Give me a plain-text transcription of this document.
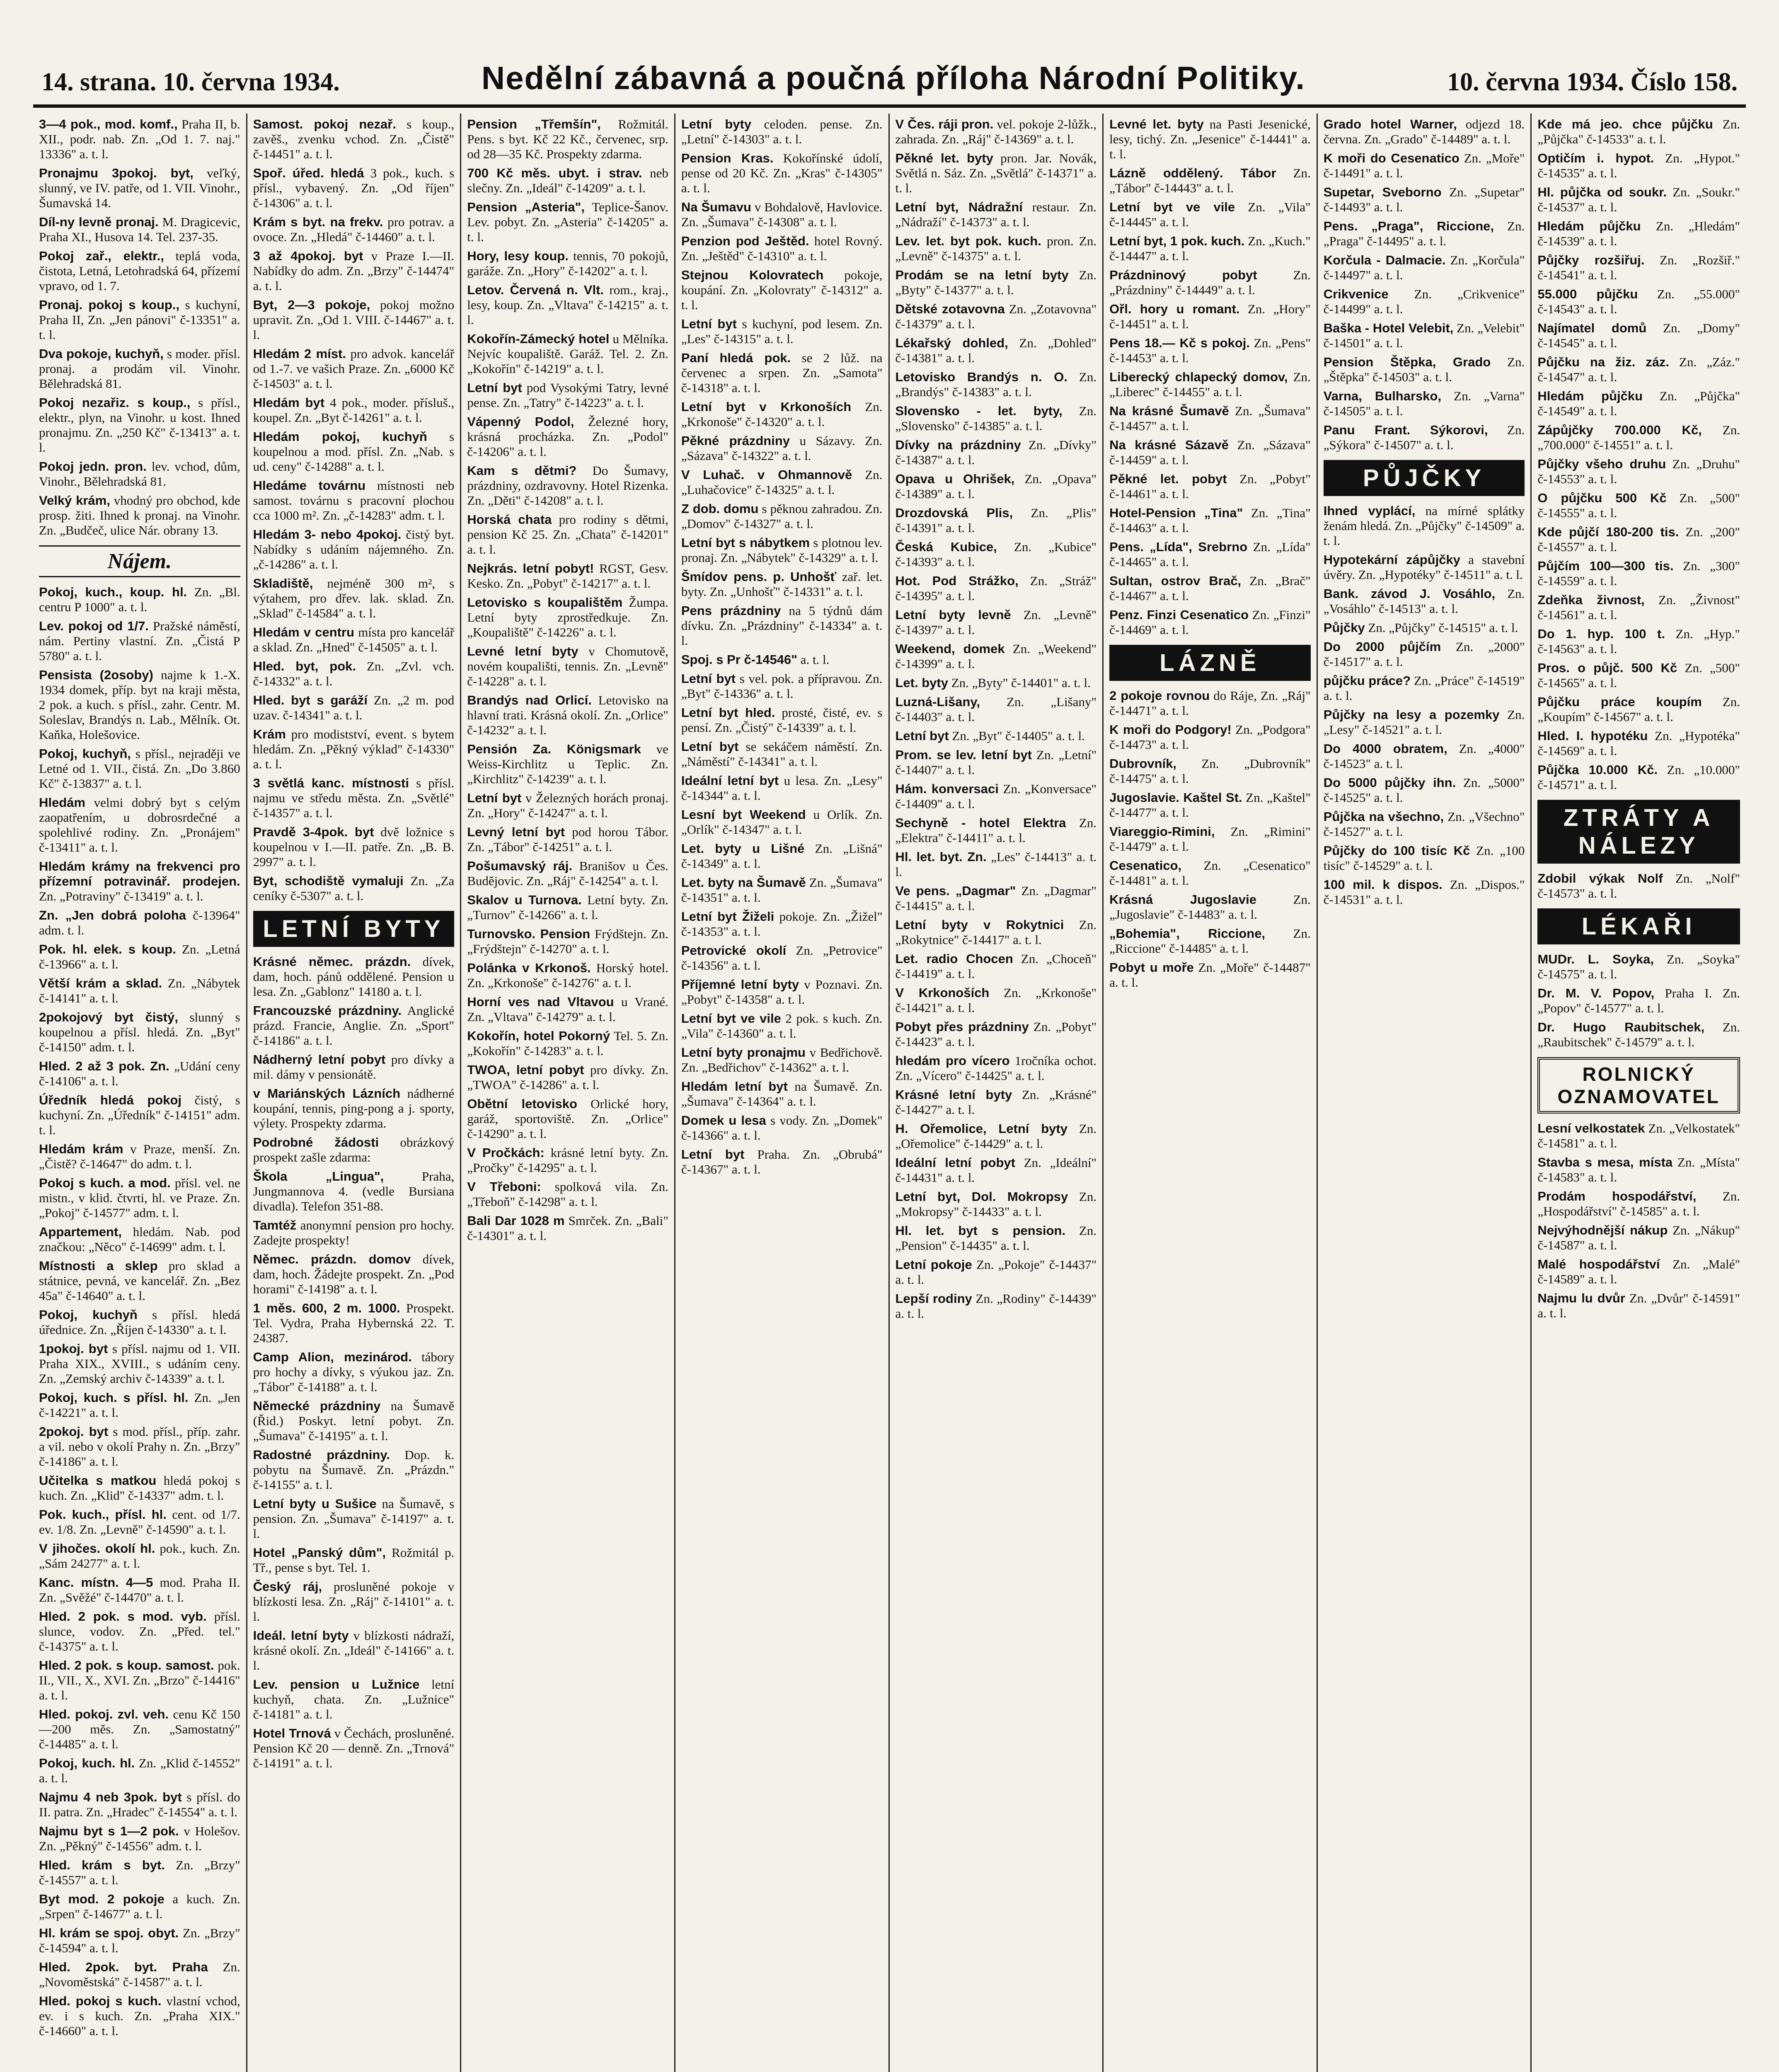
14. strana. 10. června 1934.	Nedělní zábavná a poučná příloha Národní Politiky.	10. června 1934. Číslo 158.

3—4 pok., mod. komf., Praha II, b. XII., podr. nab. Zn. „Od 1. 7. naj." 13336" a. t. l.

Pronajmu 3pokoj. byt, veľký, slunný, ve IV. patře, od 1. VII. Vinohr., Šumavská 14.

Díl-ny levně pronaj. M. Dragicevic, Praha XI., Husova 14. Tel. 237-35.

Pokoj zař., elektr., teplá voda, čistota, Letná, Letohradská 64, přízemí vpravo, od 1. 7.

Pronaj. pokoj s koup., s kuchyní, Praha II, Zn. „Jen pánovi" č-13351" a. t. l.

Dva pokoje, kuchyň, s moder. přísl. pronaj. a prodám vil. Vinohr. Bělehradská 81.

Pokoj nezařiz. s koup., s přísl., elektr., plyn, na Vinohr. u kost. Ihned pronajmu. Zn. „250 Kč" č-13413" a. t. l.

Pokoj jedn. pron. lev. vchod, dům, Vinohr., Bělehradská 81.

Velký krám, vhodný pro obchod, kde prosp. žiti. Ihned k pronaj. na Vinohr. Zn. „Budčeč, ulice Nár. obrany 13.

Nájem.

Pokoj, kuch., koup. hl. Zn. „Bl. centru P 1000" a. t. l.

Lev. pokoj od 1/7. Pražské náměstí, nám. Pertiny vlastní. Zn. „Čistá P 5780" a. t. l.

Pensista (2osoby) najme k 1.-X. 1934 domek, příp. byt na kraji města, 2 pok. a kuch. s přísl., zahr. Centr. M. Soleslav, Brandýs n. Lab., Mělník. Ot. Kaňka, Holešovice.

Pokoj, kuchyň, s přísl., nejraději ve Letné od 1. VII., čistá. Zn. „Do 3.860 Kč" č-13837" a. t. l.

Hledám velmi dobrý byt s celým zaopatřením, u dobrosrdečné a spolehlivé rodiny. Zn. „Pronájem" č-13411" a. t. l.

Hledám krámy na frekvenci pro přízemní potravinář. prodejen. Zn. „Potraviny" č-13419" a. t. l.

Zn. „Jen dobrá poloha č-13964" adm. t. l.

Pok. hl. elek. s koup. Zn. „Letná č-13966" a. t. l.

Větší krám a sklad. Zn. „Nábytek č-14141" a. t. l.

2pokojový byt čistý, slunný s koupelnou a přísl. hledá. Zn. „Byt" č-14150" adm. t. l.

Hled. 2 až 3 pok. Zn. „Udání ceny č-14106" a. t. l.

Úředník hledá pokoj čistý, s kuchyní. Zn. „Úředník" č-14151" adm. t. l.

Hledám krám v Praze, menší. Zn. „Čistě? č-14647" do adm. t. l.

Pokoj s kuch. a mod. přísl. vel. ne mistn., v klid. čtvrti, hl. ve Praze. Zn. „Pokoj" č-14577" adm. t. l.

Appartement, hledám. Nab. pod značkou: „Něco" č-14699" adm. t. l.

Místnosti a sklep pro sklad a státnice, pevná, ve kancelář. Zn. „Bez 45a" č-14640" a. t. l.

Pokoj, kuchyň s přísl. hledá úřednice. Zn. „Říjen č-14330" a. t. l.

1pokoj. byt s přísl. najmu od 1. VII. Praha XIX., XVIII., s udáním ceny. Zn. „Zemský archiv č-14339" a. t. l.

Pokoj, kuch. s přísl. hl. Zn. „Jen č-14221" a. t. l.

2pokoj. byt s mod. přísl., příp. zahr. a vil. nebo v okolí Prahy n. Zn. „Brzy" č-14186" a. t. l.

Učitelka s matkou hledá pokoj s kuch. Zn. „Klid" č-14337" adm. t. l.

Pok. kuch., přísl. hl. cent. od 1/7. ev. 1/8. Zn. „Levně" č-14590" a. t. l.

V jihočes. okolí hl. pok., kuch. Zn. „Sám 24277" a. t. l.

Kanc. místn. 4—5 mod. Praha II. Zn. „Svěžé" č-14470" a. t. l.

Hled. 2 pok. s mod. vyb. přísl. slunce, vodov. Zn. „Před. tel." č-14375" a. t. l.

Hled. 2 pok. s koup. samost. pok. II., VII., X., XVI. Zn. „Brzo" č-14416" a. t. l.

Hled. pokoj. zvl. veh. cenu Kč 150—200 měs. Zn. „Samostatný" č-14485" a. t. l.

Pokoj, kuch. hl. Zn. „Klid č-14552" a. t. l.

Najmu 4 neb 3pok. byt s přísl. do II. patra. Zn. „Hradec" č-14554" a. t. l.

Najmu byt s 1—2 pok. v Holešov. Zn. „Pěkný" č-14556" adm. t. l.

Hled. krám s byt. Zn. „Brzy" č-14557" a. t. l.

Byt mod. 2 pokoje a kuch. Zn. „Srpen" č-14677" a. t. l.

Hl. krám se spoj. obyt. Zn. „Brzy" č-14594" a. t. l.

Hled. 2pok. byt. Praha Zn. „Novoměstská" č-14587" a. t. l.

Hled. pokoj s kuch. vlastní vchod, ev. i s kuch. Zn. „Praha XIX." č-14660" a. t. l.

Samost. pokoj nezař. s koup., zavěš., zvenku vchod. Zn. „Čistě" č-14451" a. t. l.

Spoř. úřed. hledá 3 pok., kuch. s přísl., vybavený. Zn. „Od říjen" č-14306" a. t. l.

Krám s byt. na frekv. pro potrav. a ovoce. Zn. „Hledá" č-14460" a. t. l.

3 až 4pokoj. byt v Praze I.—II. Nabídky do adm. Zn. „Brzy" č-14474" a. t. l.

Byt, 2—3 pokoje, pokoj možno upravit. Zn. „Od 1. VIII. č-14467" a. t. l.

Hledám 2 míst. pro advok. kancelář od 1.-7. ve vašich Praze. Zn. „6000 Kč č-14503" a. t. l.

Hledám byt 4 pok., moder. přísluš., koupel. Zn. „Byt č-14261" a. t. l.

Hledám pokoj, kuchyň s koupelnou a mod. přísl. Zn. „Nab. s ud. ceny" č-14288" a. t. l.

Hledáme továrnu místnosti neb samost. továrnu s pracovní plochou cca 1000 m². Zn. „č-14283" adm. t. l.

Hledám 3- nebo 4pokoj. čistý byt. Nabídky s udáním nájemného. Zn. „č-14286" a. t. l.

Skladiště, nejméně 300 m², s výtahem, pro dřev. lak. sklad. Zn. „Sklad" č-14584" a. t. l.

Hledám v centru místa pro kancelář a sklad. Zn. „Hned" č-14505" a. t. l.

Hled. byt, pok. Zn. „Zvl. vch. č-14332" a. t. l.

Hled. byt s garáží Zn. „2 m. pod uzav. č-14341" a. t. l.

Krám pro modistství, event. s bytem hledám. Zn. „Pěkný výklad" č-14330" a. t. l.

3 světlá kanc. místnosti s přísl. najmu ve středu města. Zn. „Světlé" č-14357" a. t. l.

Pravdě 3-4pok. byt dvě ložnice s koupelnou v I.—II. patře. Zn. „B. B. 2997" a. t. l.

Byt, schodiště vymaluji Zn. „Za ceníky č-5307" a. t. l.

LETNÍ BYTY

Krásné němec. prázdn. dívek, dam, hoch. pánů oddělené. Pension u lesa. Zn. „Gablonz" 14180 a. t. l.

Francouzské prázdniny. Anglické prázd. Francie, Anglie. Zn. „Sport" č-14186" a. t. l.

Nádherný letní pobyt pro dívky a mil. dámy v pensionátě.

v Mariánských Lázních nádherné koupání, tennis, ping-pong a j. sporty, výlety. Prospekty zdarma.

Podrobné žádosti obrázkový prospekt zašle zdarma:

Škola „Lingua", Praha, Jungmannova 4. (vedle Bursiana divadla). Telefon 351-88.

Tamtéž anonymní pension pro hochy. Zadejte prospekty!

Němec. prázdn. domov dívek, dam, hoch. Žádejte prospekt. Zn. „Pod horami" č-14198" a. t. l.

1 měs. 600, 2 m. 1000. Prospekt. Tel. Vydra, Praha Hybernská 22. T. 24387.

Camp Alion, mezinárod. tábory pro hochy a dívky, s výukou jaz. Zn. „Tábor" č-14188" a. t. l.

Německé prázdniny na Šumavě (Řid.) Poskyt. letní pobyt. Zn. „Šumava" č-14195" a. t. l.

Radostné prázdniny. Dop. k. pobytu na Šumavě. Zn. „Prázdn." č-14155" a. t. l.

Letní byty u Sušice na Šumavě, s pension. Zn. „Šumava" č-14197" a. t. l.

Hotel „Panský dům", Rožmitál p. Tř., pense s byt. Tel. 1.

Český ráj, prosluněné pokoje v blízkosti lesa. Zn. „Ráj" č-14101" a. t. l.

Ideál. letní byty v blízkosti nádraží, krásné okolí. Zn. „Ideál" č-14166" a. t. l.

Lev. pension u Lužnice letní kuchyň, chata. Zn. „Lužnice" č-14181" a. t. l.

Hotel Trnová v Čechách, prosluněné. Pension Kč 20 — denně. Zn. „Trnová" č-14191" a. t. l.

Pension „Třemšín", Rožmitál. Pens. s byt. Kč 22 Kč., červenec, srp. od 28—35 Kč. Prospekty zdarma.

700 Kč měs. ubyt. i strav. neb slečny. Zn. „Ideál" č-14209" a. t. l.

Pension „Asteria", Teplice-Šanov. Lev. pobyt. Zn. „Asteria" č-14205" a. t. l.

Hory, lesy koup. tennis, 70 pokojů, garáže. Zn. „Hory" č-14202" a. t. l.

Letov. Červená n. Vlt. rom., kraj., lesy, koup. Zn. „Vltava" č-14215" a. t. l.

Kokořín-Zámecký hotel u Mělníka. Nejvíc koupaliště. Garáž. Tel. 2. Zn. „Kokořín" č-14219" a. t. l.

Letní byt pod Vysokými Tatry, levné pense. Zn. „Tatry" č-14223" a. t. l.

Vápenný Podol, Železné hory, krásná procházka. Zn. „Podol" č-14206" a. t. l.

Kam s dětmi? Do Šumavy, prázdniny, ozdravovny. Hotel Rizenka. Zn. „Děti" č-14208" a. t. l.

Horská chata pro rodiny s dětmi, pension Kč 25. Zn. „Chata" č-14201" a. t. l.

Nejkrás. letní pobyt! RGST, Gesv. Kesko. Zn. „Pobyt" č-14217" a. t. l.

Letovisko s koupalištěm Žumpa. Letní byty zprostředkuje. Zn. „Koupaliště" č-14226" a. t. l.

Levné letní byty v Chomutově, novém koupališti, tennis. Zn. „Levně" č-14228" a. t. l.

Brandýs nad Orlicí. Letovisko na hlavní trati. Krásná okolí. Zn. „Orlice" č-14232" a. t. l.

Pensión Za. Königsmark ve Weiss-Kirchlitz u Teplic. Zn. „Kirchlitz" č-14239" a. t. l.

Letní byt v Železných horách pronaj. Zn. „Hory" č-14247" a. t. l.

Levný letní byt pod horou Tábor. Zn. „Tábor" č-14251" a. t. l.

Pošumavský ráj. Branišov u Čes. Budějovic. Zn. „Ráj" č-14254" a. t. l.

Skalov u Turnova. Letní byty. Zn. „Turnov" č-14266" a. t. l.

Turnovsko. Pension Frýdštejn. Zn. „Frýdštejn" č-14270" a. t. l.

Polánka v Krkonoš. Horský hotel. Zn. „Krkonoše" č-14276" a. t. l.

Horní ves nad Vltavou u Vrané. Zn. „Vltava" č-14279" a. t. l.

Kokořín, hotel Pokorný Tel. 5. Zn. „Kokořín" č-14283" a. t. l.

TWOA, letní pobyt pro dívky. Zn. „TWOA" č-14286" a. t. l.

Obětní letovisko Orlické hory, garáž, sportoviště. Zn. „Orlice" č-14290" a. t. l.

V Pročkách: krásné letní byty. Zn. „Pročky" č-14295" a. t. l.

V Třeboni: spolková vila. Zn. „Třeboň" č-14298" a. t. l.

Bali Dar 1028 m Smrček. Zn. „Bali" č-14301" a. t. l.

Letní byty celoden. pense. Zn. „Letní" č-14303" a. t. l.

Pension Kras. Kokořínské údolí, pense od 20 Kč. Zn. „Kras" č-14305" a. t. l.

Na Šumavu v Bohdalově, Havlovice. Zn. „Šumava" č-14308" a. t. l.

Penzion pod Ještěd. hotel Rovný. Zn. „Ještěd" č-14310" a. t. l.

Stejnou Kolovratech pokoje, koupání. Zn. „Kolovraty" č-14312" a. t. l.

Letní byt s kuchyní, pod lesem. Zn. „Les" č-14315" a. t. l.

Paní hledá pok. se 2 lůž. na červenec a srpen. Zn. „Samota" č-14318" a. t. l.

Letní byt v Krkonoších Zn. „Krkonoše" č-14320" a. t. l.

Pěkné prázdniny u Sázavy. Zn. „Sázava" č-14322" a. t. l.

V Luhač. v Ohmannově Zn. „Luhačovice" č-14325" a. t. l.

Z dob. domu s pěknou zahradou. Zn. „Domov" č-14327" a. t. l.

Letní byt s nábytkem s plotnou lev. pronaj. Zn. „Nábytek" č-14329" a. t. l.

Šmídov pens. p. Unhošť zař. let. byty. Zn. „Unhošť" č-14331" a. t. l.

Pens prázdniny na 5 týdnů dám dívku. Zn. „Prázdniny" č-14334" a. t. l.

Spoj. s Pr č-14546" a. t. l.

Letní byt s vel. pok. a přípravou. Zn. „Byt" č-14336" a. t. l.

Letní byt hled. prosté, čisté, ev. s pensí. Zn. „Čistý" č-14339" a. t. l.

Letní byt se sekáčem náměstí. Zn. „Náměstí" č-14341" a. t. l.

Ideální letní byt u lesa. Zn. „Lesy" č-14344" a. t. l.

Lesní byt Weekend u Orlík. Zn. „Orlík" č-14347" a. t. l.

Let. byty u Lišné Zn. „Lišná" č-14349" a. t. l.

Let. byty na Šumavě Zn. „Šumava" č-14351" a. t. l.

Letní byt Žiželi pokoje. Zn. „Žižel" č-14353" a. t. l.

Petrovické okolí Zn. „Petrovice" č-14356" a. t. l.

Příjemné letní byty v Poznavi. Zn. „Pobyt" č-14358" a. t. l.

Letní byt ve vile 2 pok. s kuch. Zn. „Vila" č-14360" a. t. l.

Letní byty pronajmu v Bedřichově. Zn. „Bedřichov" č-14362" a. t. l.

Hledám letní byt na Šumavě. Zn. „Šumava" č-14364" a. t. l.

Domek u lesa s vody. Zn. „Domek" č-14366" a. t. l.

Letní byt Praha. Zn. „Obrubá" č-14367" a. t. l.

V Čes. ráji pron. vel. pokoje 2-lůžk., zahrada. Zn. „Ráj" č-14369" a. t. l.

Pěkné let. byty pron. Jar. Novák, Světlá n. Sáz. Zn. „Světlá" č-14371" a. t. l.

Letní byt, Nádražní restaur. Zn. „Nádraží" č-14373" a. t. l.

Lev. let. byt pok. kuch. pron. Zn. „Levně" č-14375" a. t. l.

Prodám se na letní byty Zn. „Byty" č-14377" a. t. l.

Dětské zotavovna Zn. „Zotavovna" č-14379" a. t. l.

Lékařský dohled, Zn. „Dohled" č-14381" a. t. l.

Letovisko Brandýs n. O. Zn. „Brandýs" č-14383" a. t. l.

Slovensko - let. byty, Zn. „Slovensko" č-14385" a. t. l.

Dívky na prázdniny Zn. „Dívky" č-14387" a. t. l.

Opava u Ohrišek, Zn. „Opava" č-14389" a. t. l.

Drozdovská Plis, Zn. „Plis" č-14391" a. t. l.

Česká Kubice, Zn. „Kubice" č-14393" a. t. l.

Hot. Pod Strážko, Zn. „Stráž" č-14395" a. t. l.

Letní byty levně Zn. „Levně" č-14397" a. t. l.

Weekend, domek Zn. „Weekend" č-14399" a. t. l.

Let. byty Zn. „Byty" č-14401" a. t. l.

Luzná-Lišany, Zn. „Lišany" č-14403" a. t. l.

Letní byt Zn. „Byt" č-14405" a. t. l.

Prom. se lev. letní byt Zn. „Letní" č-14407" a. t. l.

Hám. konversaci Zn. „Konversace" č-14409" a. t. l.

Sechyně - hotel Elektra Zn. „Elektra" č-14411" a. t. l.

Hl. let. byt. Zn. „Les" č-14413" a. t. l.

Ve pens. „Dagmar" Zn. „Dagmar" č-14415" a. t. l.

Letní byty v Rokytnici Zn. „Rokytnice" č-14417" a. t. l.

Let. radio Chocen Zn. „Choceň" č-14419" a. t. l.

V Krkonoších Zn. „Krkonoše" č-14421" a. t. l.

Pobyt přes prázdniny Zn. „Pobyt" č-14423" a. t. l.

hledám pro vícero 1ročníka ochot. Zn. „Vícero" č-14425" a. t. l.

Krásné letní byty Zn. „Krásné" č-14427" a. t. l.

H. Ořemolice, Letní byty Zn. „Ořemolice" č-14429" a. t. l.

Ideální letní pobyt Zn. „Ideální" č-14431" a. t. l.

Letní byt, Dol. Mokropsy Zn. „Mokropsy" č-14433" a. t. l.

Hl. let. byt s pension. Zn. „Pension" č-14435" a. t. l.

Letní pokoje Zn. „Pokoje" č-14437" a. t. l.

Lepší rodiny Zn. „Rodiny" č-14439" a. t. l.

Levné let. byty na Pasti Jesenické, lesy, tichý. Zn. „Jesenice" č-14441" a. t. l.

Lázně oddělený. Tábor Zn. „Tábor" č-14443" a. t. l.

Letní byt ve vile Zn. „Vila" č-14445" a. t. l.

Letní byt, 1 pok. kuch. Zn. „Kuch." č-14447" a. t. l.

Prázdninový pobyt Zn. „Prázdniny" č-14449" a. t. l.

Ořl. hory u romant. Zn. „Hory" č-14451" a. t. l.

Pens 18.— Kč s pokoj. Zn. „Pens" č-14453" a. t. l.

Liberecký chlapecký domov, Zn. „Liberec" č-14455" a. t. l.

Na krásné Šumavě Zn. „Šumava" č-14457" a. t. l.

Na krásné Sázavě Zn. „Sázava" č-14459" a. t. l.

Pěkné let. pobyt Zn. „Pobyt" č-14461" a. t. l.

Hotel-Pension „Tina" Zn. „Tina" č-14463" a. t. l.

Pens. „Lída", Srebrno Zn. „Lída" č-14465" a. t. l.

Sultan, ostrov Brač, Zn. „Brač" č-14467" a. t. l.

Penz. Finzi Cesenatico Zn. „Finzi" č-14469" a. t. l.

LÁZNĚ

2 pokoje rovnou do Ráje, Zn. „Ráj" č-14471" a. t. l.

K moři do Podgory! Zn. „Podgora" č-14473" a. t. l.

Dubrovník, Zn. „Dubrovník" č-14475" a. t. l.

Jugoslavie. Kaštel St. Zn. „Kaštel" č-14477" a. t. l.

Viareggio-Rimini, Zn. „Rimini" č-14479" a. t. l.

Cesenatico, Zn. „Cesenatico" č-14481" a. t. l.

Krásná Jugoslavie Zn. „Jugoslavie" č-14483" a. t. l.

„Bohemia", Riccione, Zn. „Riccione" č-14485" a. t. l.

Pobyt u moře Zn. „Moře" č-14487" a. t. l.

Grado hotel Warner, odjezd 18. června. Zn. „Grado" č-14489" a. t. l.

K moři do Cesenatico Zn. „Moře" č-14491" a. t. l.

Supetar, Sveborno Zn. „Supetar" č-14493" a. t. l.

Pens. „Praga", Riccione, Zn. „Praga" č-14495" a. t. l.

Korčula - Dalmacie. Zn. „Korčula" č-14497" a. t. l.

Crikvenice Zn. „Crikvenice" č-14499" a. t. l.

Baška - Hotel Velebit, Zn. „Velebit" č-14501" a. t. l.

Pension Štěpka, Grado Zn. „Štěpka" č-14503" a. t. l.

Varna, Bulharsko, Zn. „Varna" č-14505" a. t. l.

Panu Frant. Sýkorovi, Zn. „Sýkora" č-14507" a. t. l.

PŮJČKY

Ihned vyplácí, na mírné splátky ženám hledá. Zn. „Půjčky" č-14509" a. t. l.

Hypotekární zápůjčky a stavební úvěry. Zn. „Hypotéky" č-14511" a. t. l.

Bank. závod J. Vosáhlo, Zn. „Vosáhlo" č-14513" a. t. l.

Půjčky Zn. „Půjčky" č-14515" a. t. l.

Do 2000 půjčím Zn. „2000" č-14517" a. t. l.

půjčku práce? Zn. „Práce" č-14519" a. t. l.

Půjčky na lesy a pozemky Zn. „Lesy" č-14521" a. t. l.

Do 4000 obratem, Zn. „4000" č-14523" a. t. l.

Do 5000 půjčky ihn. Zn. „5000" č-14525" a. t. l.

Půjčka na všechno, Zn. „Všechno" č-14527" a. t. l.

Půjčky do 100 tisíc Kč Zn. „100 tisíc" č-14529" a. t. l.

100 mil. k dispos. Zn. „Dispos." č-14531" a. t. l.

Kde má jeo. chce půjčku Zn. „Půjčka" č-14533" a. t. l.

Optičím i. hypot. Zn. „Hypot." č-14535" a. t. l.

Hl. půjčka od soukr. Zn. „Soukr." č-14537" a. t. l.

Hledám půjčku Zn. „Hledám" č-14539" a. t. l.

Půjčky rozšiřuj. Zn. „Rozšiř." č-14541" a. t. l.

55.000 půjčku Zn. „55.000" č-14543" a. t. l.

Najímatel domů Zn. „Domy" č-14545" a. t. l.

Půjčku na žiz. záz. Zn. „Záz." č-14547" a. t. l.

Hledám půjčku Zn. „Půjčka" č-14549" a. t. l.

Zápůjčky 700.000 Kč, Zn. „700.000" č-14551" a. t. l.

Půjčky všeho druhu Zn. „Druhu" č-14553" a. t. l.

O půjčku 500 Kč Zn. „500" č-14555" a. t. l.

Kde půjčí 180-200 tis. Zn. „200" č-14557" a. t. l.

Půjčím 100—300 tis. Zn. „300" č-14559" a. t. l.

Zdeňka živnost, Zn. „Živnost" č-14561" a. t. l.

Do 1. hyp. 100 t. Zn. „Hyp." č-14563" a. t. l.

Pros. o půjč. 500 Kč Zn. „500" č-14565" a. t. l.

Půjčku práce koupím Zn. „Koupím" č-14567" a. t. l.

Hled. I. hypotéku Zn. „Hypotéka" č-14569" a. t. l.

Půjčka 10.000 Kč. Zn. „10.000" č-14571" a. t. l.

ZTRÁTY A NÁLEZY

Zdobil výkak Nolf Zn. „Nolf" č-14573" a. t. l.

LÉKAŘI

MUDr. L. Soyka, Zn. „Soyka" č-14575" a. t. l.

Dr. M. V. Popov, Praha I. Zn. „Popov" č-14577" a. t. l.

Dr. Hugo Raubitschek, Zn. „Raubitschek" č-14579" a. t. l.

ROLNICKÝ OZNAMOVATEL

Lesní velkostatek Zn. „Velkostatek" č-14581" a. t. l.

Stavba s mesa, místa Zn. „Místa" č-14583" a. t. l.

Prodám hospodářství, Zn. „Hospodářství" č-14585" a. t. l.

Nejvýhodnější nákup Zn. „Nákup" č-14587" a. t. l.

Malé hospodářství Zn. „Malé" č-14589" a. t. l.

Najmu lu dvůr Zn. „Dvůr" č-14591" a. t. l.
